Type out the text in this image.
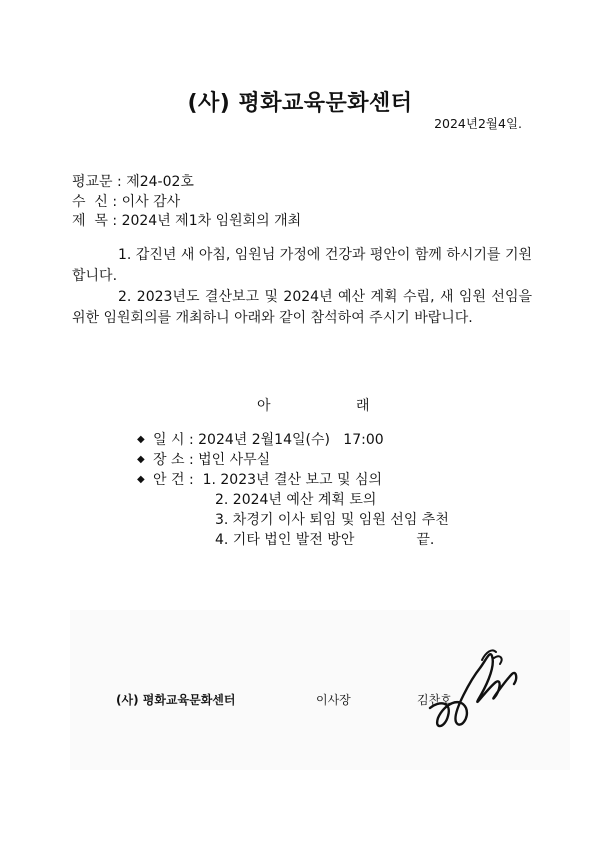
(사) 평화교육문화센터
2024년2월4일.
평교문 : 제24-02호
수  신 : 이사 감사
제  목 : 2024년 제1차 임원회의 개최

1. 갑진년 새 아침, 임원님 가정에 건강과 평안이 함께 하시기를 기원합니다.

2. 2023년도 결산보고 및 2024년 예산 계획 수립, 새 임원 선임을 위한 임원회의를 개최하니 아래와 같이 참석하여 주시기 바랍니다.

아	래
◆ 일 시 : 2024년 2월14일(수)   17:00
◆ 장 소 : 법인 사무실
◆ 안 건 : 1. 2023년 결산 보고 및 심의
2. 2024년 예산 계획 토의
3. 차경기 이사 퇴임 및 임원 선임 추천
4. 기타 법인 발전 방안	끝.
(사) 평화교육문화센터	이사장	김찬호
